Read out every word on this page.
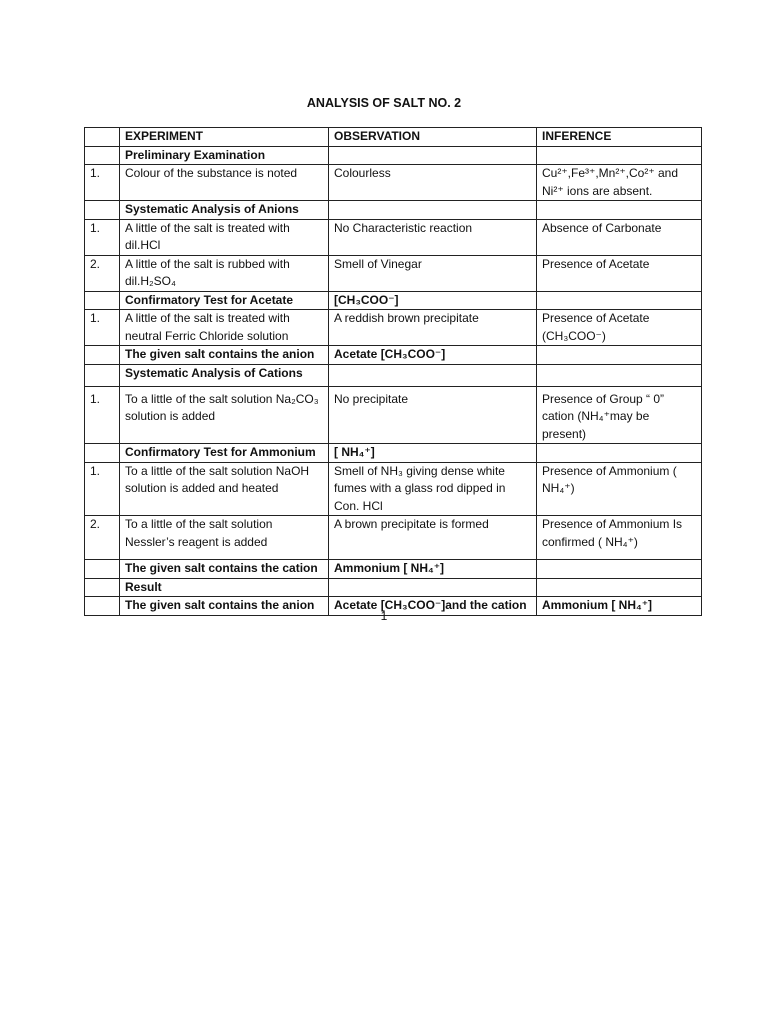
ANALYSIS OF SALT NO. 2
	EXPERIMENT	OBSERVATION	INFERENCE
	Preliminary Examination		
1.	Colour of the substance is noted	Colourless	Cu²⁺,Fe³⁺,Mn²⁺,Co²⁺ and Ni²⁺ ions are absent.
	Systematic Analysis of Anions		
1.	A little of the salt is treated with dil.HCl	No Characteristic reaction	Absence of Carbonate
2.	A little of the salt is rubbed with dil.H₂SO₄	Smell of Vinegar	Presence of Acetate
	Confirmatory Test for Acetate	[CH₃COO⁻]	
1.	A little of the salt is treated with neutral Ferric Chloride solution	A reddish brown precipitate	Presence of Acetate (CH₃COO⁻)
	The given salt contains the anion	Acetate [CH₃COO⁻]	
	Systematic Analysis of Cations		
1.	To a little of the salt solution Na₂CO₃ solution is added	No precipitate	Presence of Group “ 0” cation (NH₄⁺may be present)
	Confirmatory Test for Ammonium	[ NH₄⁺]	
1.	To a little of the salt solution NaOH solution is added and heated	Smell of NH₃ giving dense white fumes with a glass rod dipped in Con. HCl	Presence of Ammonium ( NH₄⁺)
2.	To a little of the salt solution Nessler’s reagent is added	A brown precipitate is formed	Presence of Ammonium Is confirmed ( NH₄⁺)
	The given salt contains the cation	Ammonium [ NH₄⁺]	
	Result		
	The given salt contains the anion	Acetate [CH₃COO⁻]and the cation	Ammonium [ NH₄⁺]
1
